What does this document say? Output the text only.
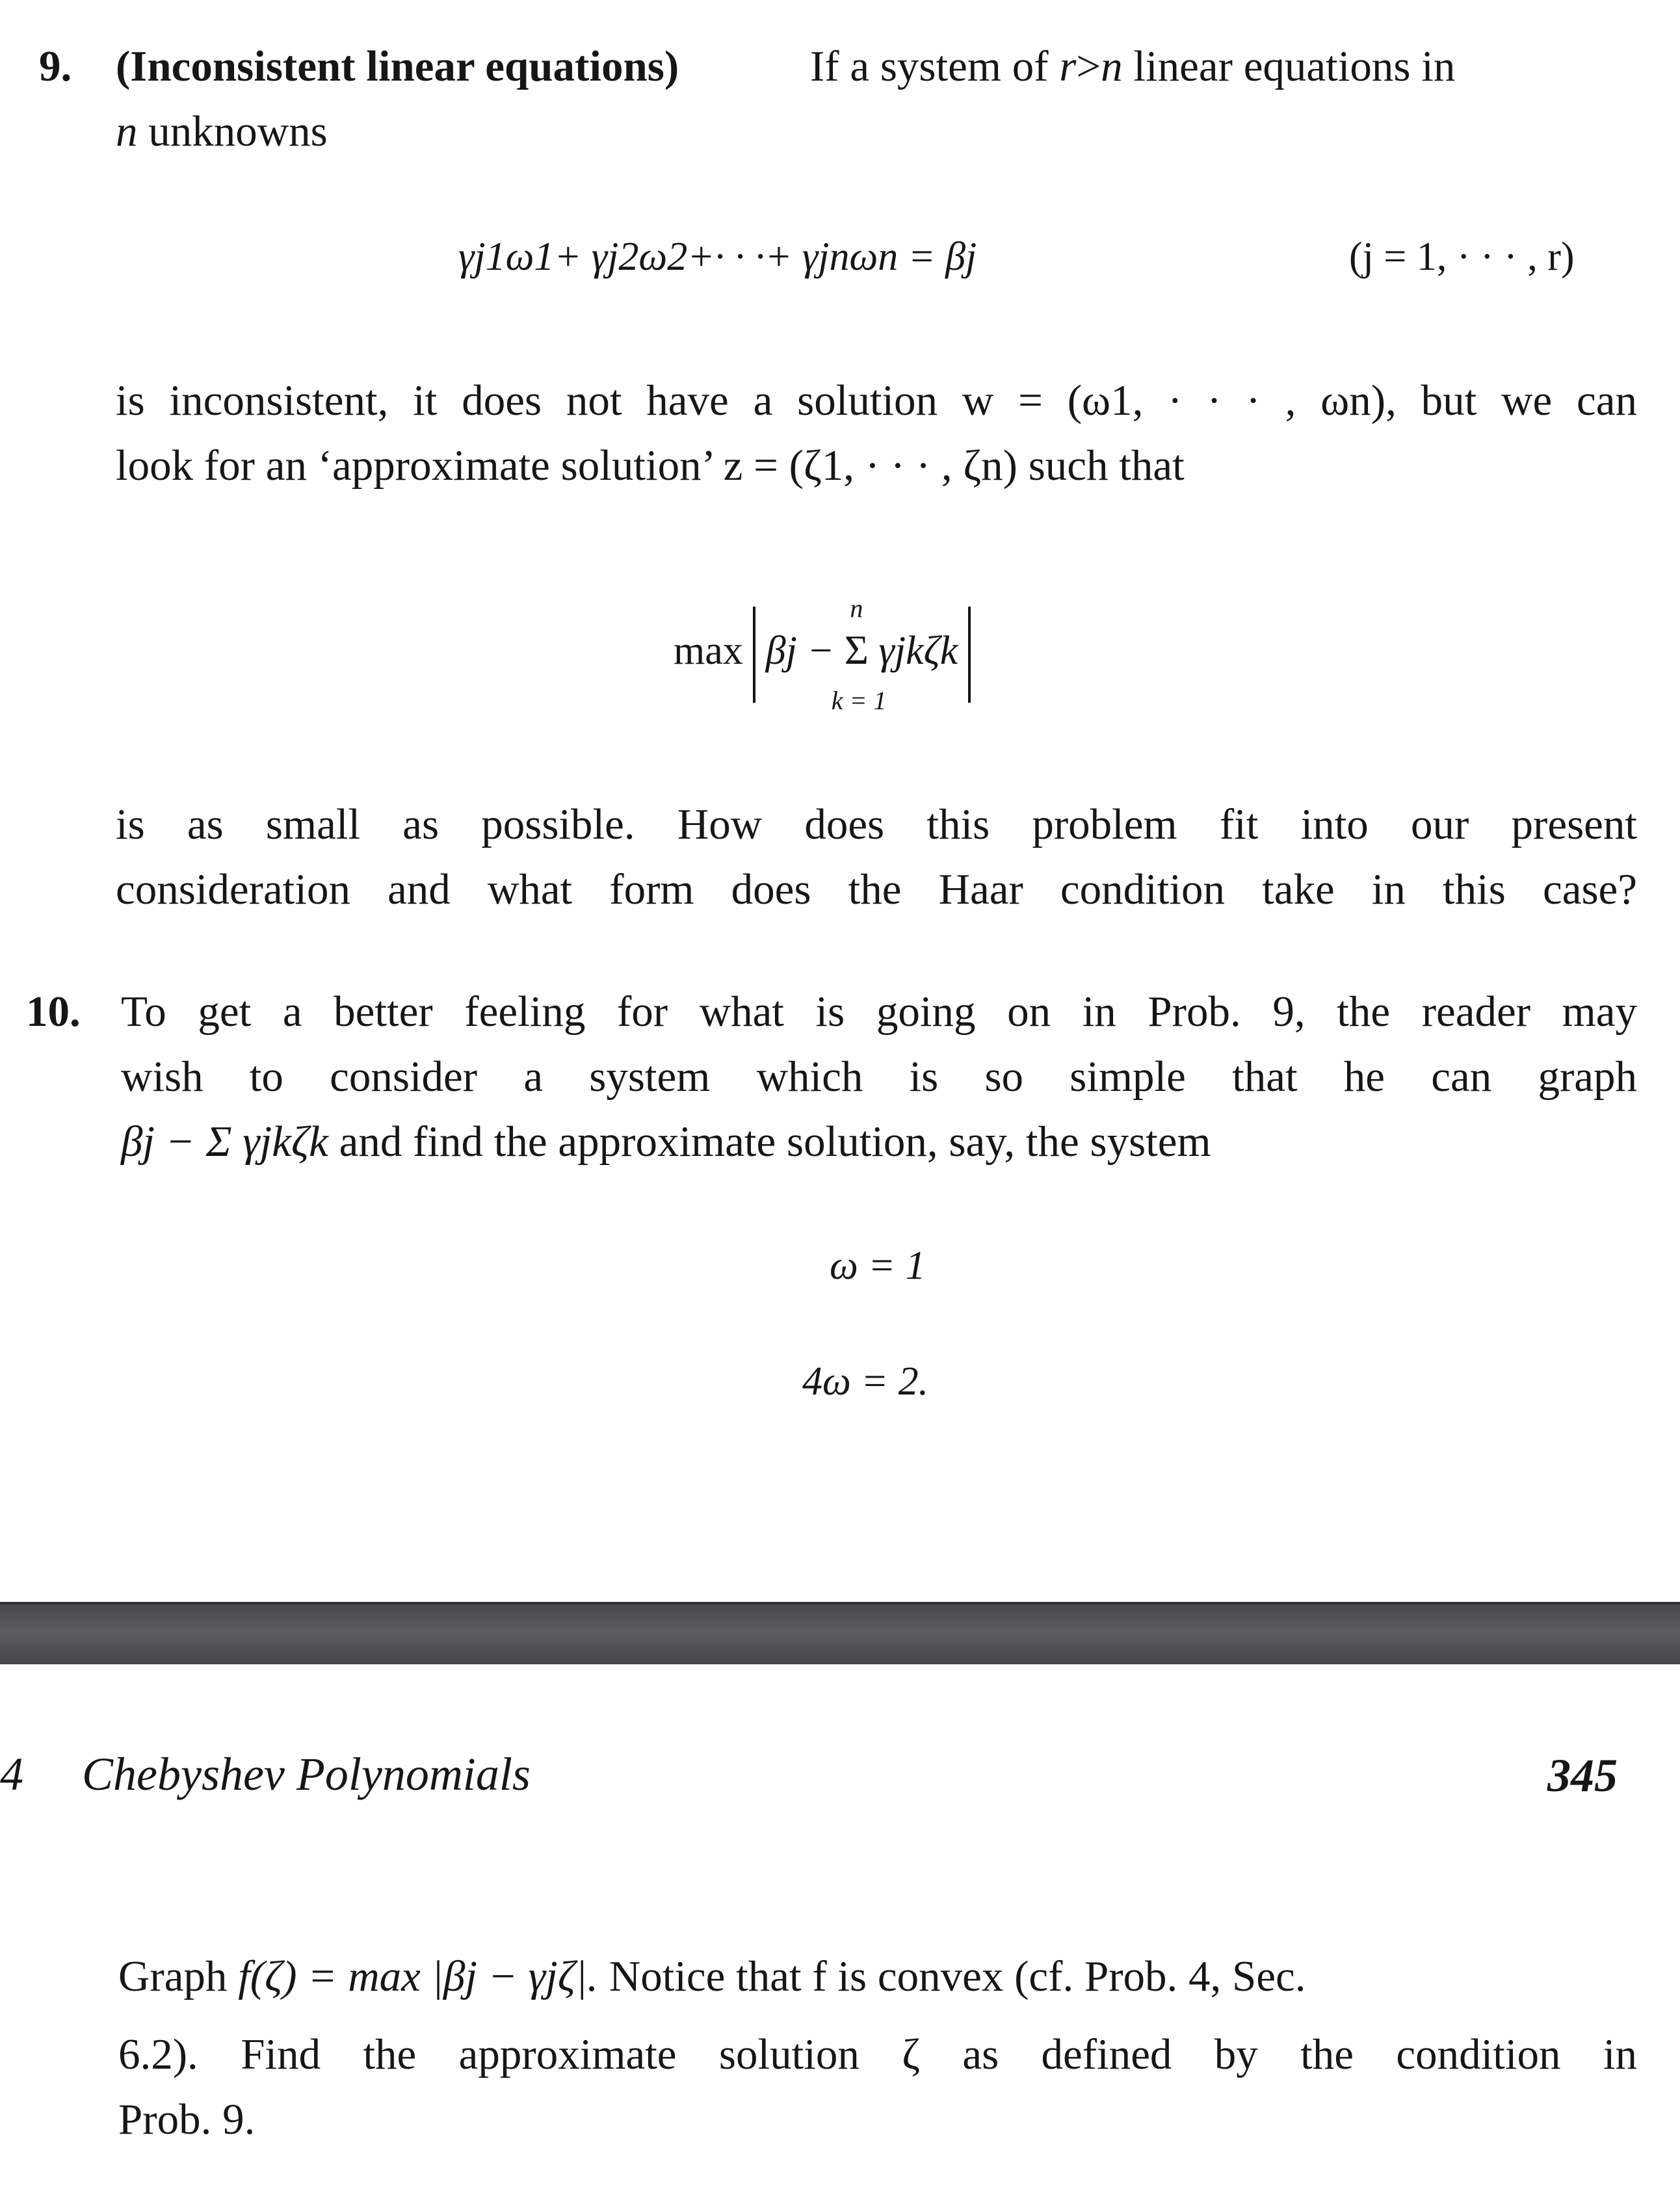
9. (Inconsistent linear equations)	If a system of r>n linear equations in
n unknowns
γj1ω1+ γj2ω2+· · ·+ γjnωn = βj	(j = 1, · · · , r)
is inconsistent, it does not have a solution w = (ω1, · · · , ωn), but we can
look for an ‘approximate solution’ z = (ζ1, · · · , ζn) such that
max βj −
n
Σ
k = 1
γjkζk
is as small as possible. How does this problem fit into our present
consideration and what form does the Haar condition take in this case?
10. To get a better feeling for what is going on in Prob. 9, the reader may
wish to consider a system which is so simple that he can graph
βj − Σ γjkζk and find the approximate solution, say, the system
ω = 1
4ω = 2.
4 Chebyshev Polynomials	345
Graph f(ζ) = max |βj − γjζ|. Notice that f is convex (cf. Prob. 4, Sec.
6.2). Find the approximate solution ζ as defined by the condition in
Prob. 9.
